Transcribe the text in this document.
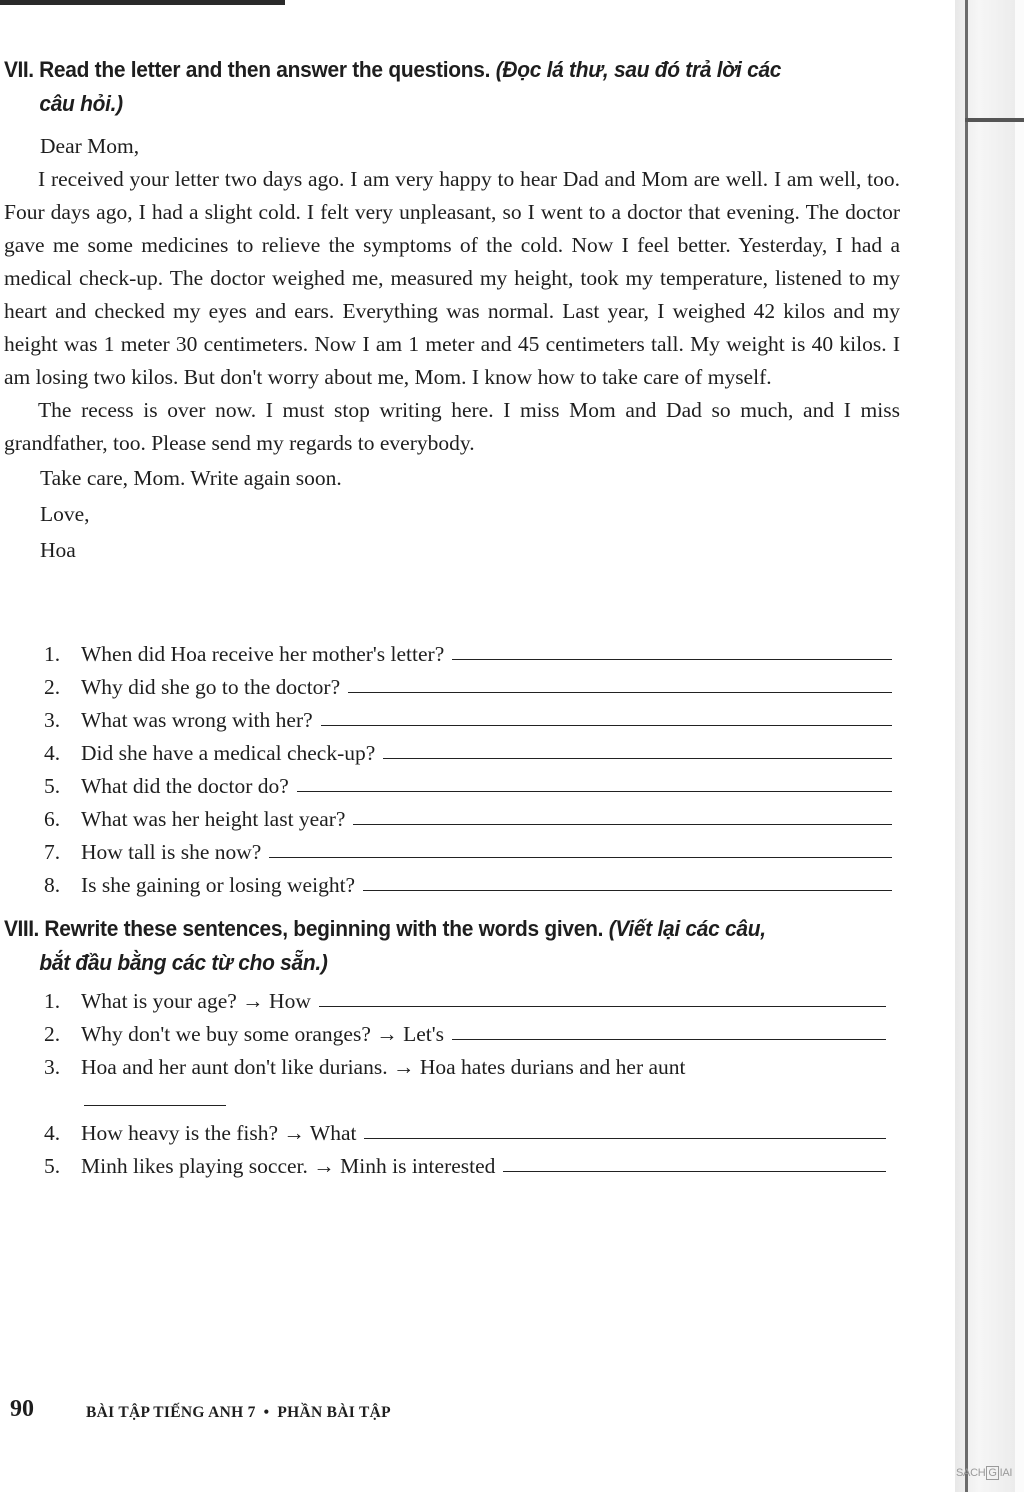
VII. Read the letter and then answer the questions. (Đọc lá thư, sau đó trả lời các
câu hỏi.)

Dear Mom,

I received your letter two days ago. I am very happy to hear Dad and Mom are well. I am well, too. Four days ago, I had a slight cold. I felt very unpleasant, so I went to a doctor that evening. The doctor gave me some medicines to relieve the symptoms of the cold. Now I feel better. Yesterday, I had a medical check-up. The doctor weighed me, measured my height, took my temperature, listened to my heart and checked my eyes and ears. Everything was normal. Last year, I weighed 42 kilos and my height was 1 meter 30 centimeters. Now I am 1 meter and 45 centimeters tall. My weight is 40 kilos. I am losing two kilos. But don't worry about me, Mom. I know how to take care of myself.

The recess is over now. I must stop writing here. I miss Mom and Dad so much, and I miss grandfather, too. Please send my regards to everybody.

Take care, Mom. Write again soon.

Love,

Hoa

1. When did Hoa receive her mother's letter?
2. Why did she go to the doctor?
3. What was wrong with her?
4. Did she have a medical check-up?
5. What did the doctor do?
6. What was her height last year?
7. How tall is she now?
8. Is she gaining or losing weight?
VIII. Rewrite these sentences, beginning with the words given. (Viết lại các câu,
bắt đầu bằng các từ cho sẵn.)
1. What is your age? → How
2. Why don't we buy some oranges? → Let's
3. Hoa and her aunt don't like durians. → Hoa hates durians and her aunt
4. How heavy is the fish? → What
5. Minh likes playing soccer. → Minh is interested
90	BÀI TẬP TIẾNG ANH 7 • PHẦN BÀI TẬP
SACH G IAI
